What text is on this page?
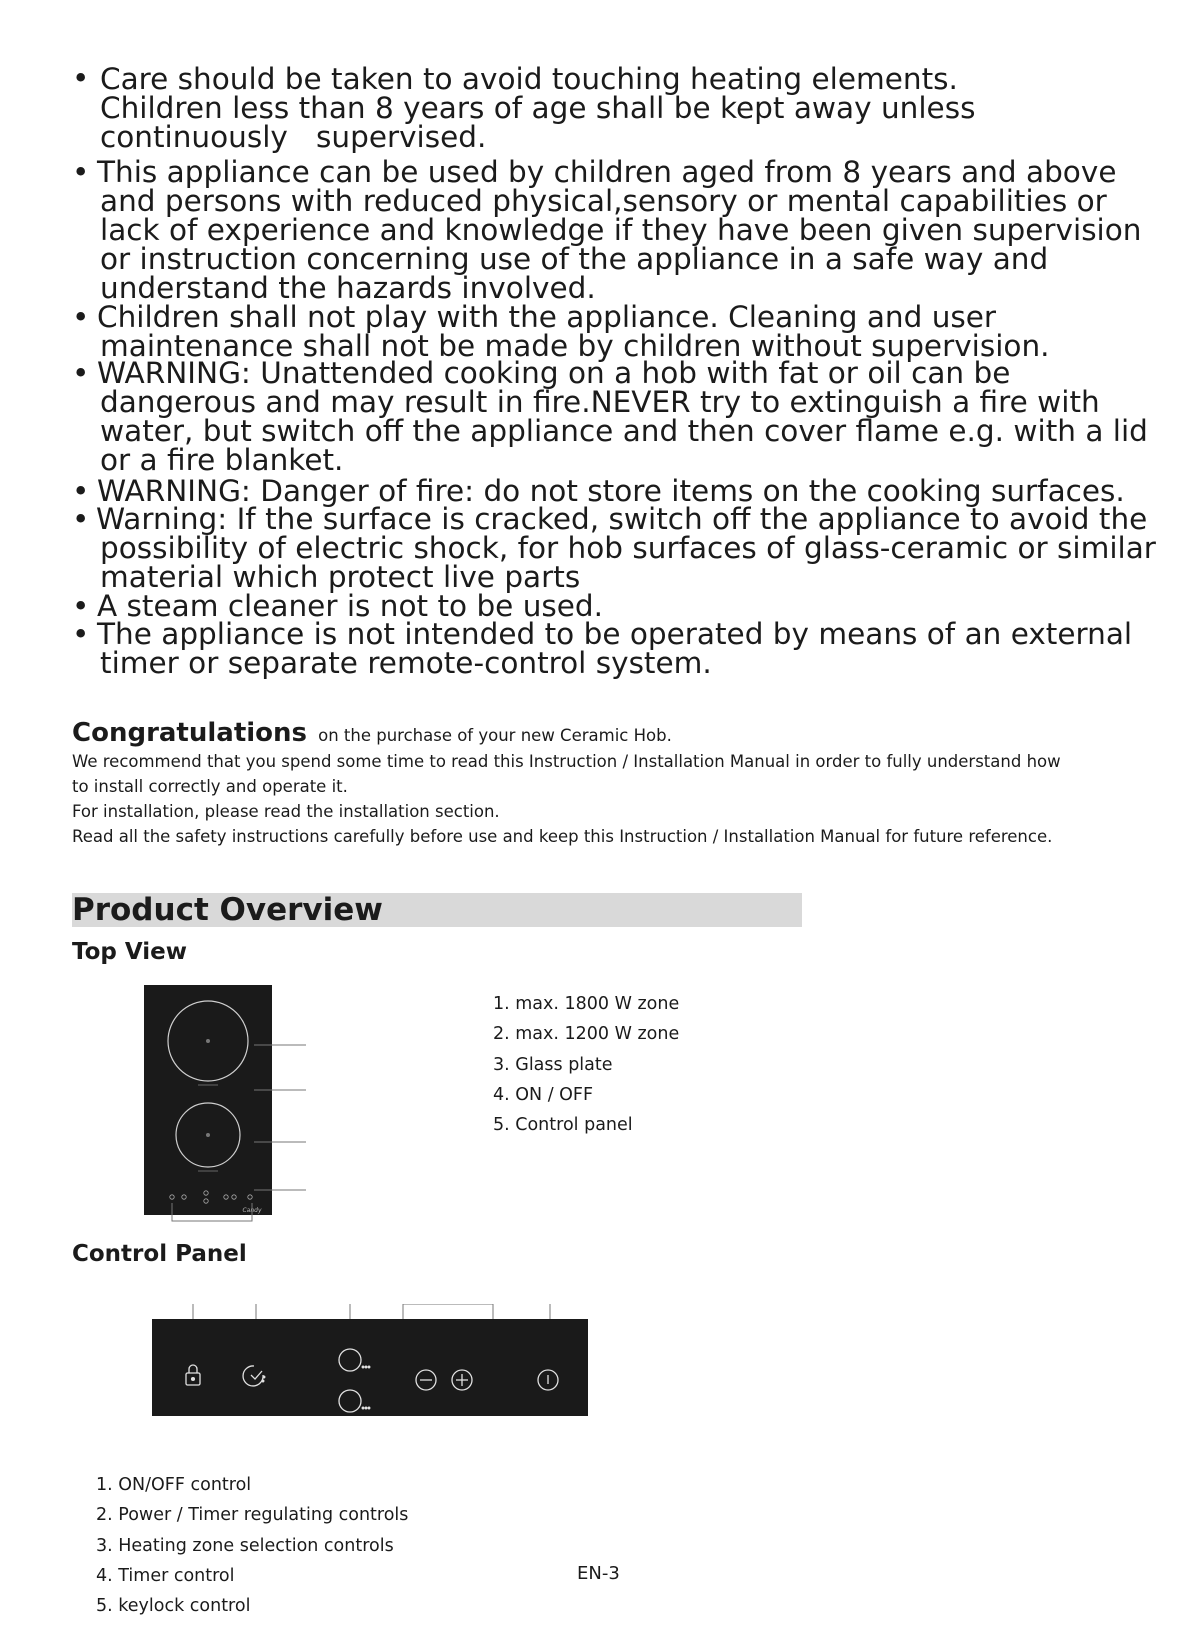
• Care should be taken to avoid touching heating elements.
Children less than 8 years of age shall be kept away unless
continuously   supervised.
• This appliance can be used by children aged from 8 years and above
and persons with reduced physical,sensory or mental capabilities or
lack of experience and knowledge if they have been given supervision
or instruction concerning use of the appliance in a safe way and
understand the hazards involved.
• Children shall not play with the appliance. Cleaning and user
maintenance shall not be made by children without supervision.
• WARNING: Unattended cooking on a hob with fat or oil can be
dangerous and may result in fire.NEVER try to extinguish a fire with
water, but switch off the appliance and then cover flame e.g. with a lid
or a fire blanket.
• WARNING: Danger of fire: do not store items on the cooking surfaces.
• Warning: If the surface is cracked, switch off the appliance to avoid the
possibility of electric shock, for hob surfaces of glass-ceramic or similar
material which protect live parts
• A steam cleaner is not to be used.
• The appliance is not intended to be operated by means of an external
timer or separate remote-control system.
Congratulations on the purchase of your new Ceramic Hob.
We recommend that you spend some time to read this Instruction / Installation Manual in order to fully understand how
to install correctly and operate it.
For installation, please read the installation section.
Read all the safety instructions carefully before use and keep this Instruction / Installation Manual for future reference.
Product Overview
Top View
Candy
1. max. 1800 W zone
2. max. 1200 W zone
3. Glass plate
4. ON / OFF
5. Control panel
Control Panel
1. ON/OFF control
2. Power / Timer regulating controls
3. Heating zone selection controls
4. Timer control
5. keylock control
EN-3
